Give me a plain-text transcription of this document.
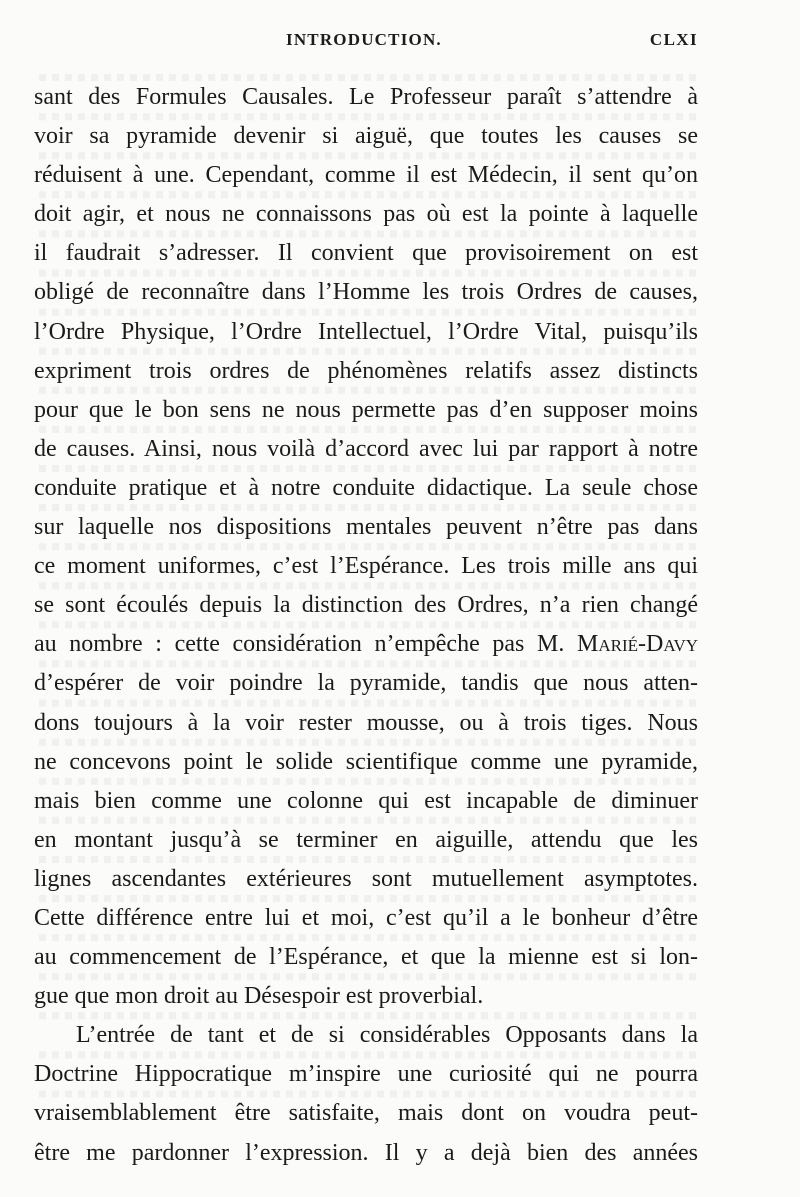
INTRODUCTION.	CLXI
sant des Formules Causales. Le Professeur paraît s’attendre à
voir sa pyramide devenir si aiguë, que toutes les causes se
réduisent à une. Cependant, comme il est Médecin, il sent qu’on
doit agir, et nous ne connaissons pas où est la pointe à laquelle
il faudrait s’adresser. Il convient que provisoirement on est
obligé de reconnaître dans l’Homme les trois Ordres de causes,
l’Ordre Physique, l’Ordre Intellectuel, l’Ordre Vital, puisqu’ils
expriment trois ordres de phénomènes relatifs assez distincts
pour que le bon sens ne nous permette pas d’en supposer moins
de causes. Ainsi, nous voilà d’accord avec lui par rapport à notre
conduite pratique et à notre conduite didactique. La seule chose
sur laquelle nos dispositions mentales peuvent n’être pas dans
ce moment uniformes, c’est l’Espérance. Les trois mille ans qui
se sont écoulés depuis la distinction des Ordres, n’a rien changé
au nombre : cette considération n’empêche pas M. Marié-Davy
d’espérer de voir poindre la pyramide, tandis que nous atten-
dons toujours à la voir rester mousse, ou à trois tiges. Nous
ne concevons point le solide scientifique comme une pyramide,
mais bien comme une colonne qui est incapable de diminuer
en montant jusqu’à se terminer en aiguille, attendu que les
lignes ascendantes extérieures sont mutuellement asymptotes.
Cette différence entre lui et moi, c’est qu’il a le bonheur d’être
au commencement de l’Espérance, et que la mienne est si lon-
gue que mon droit au Désespoir est proverbial.
L’entrée de tant et de si considérables Opposants dans la
Doctrine Hippocratique m’inspire une curiosité qui ne pourra
vraisemblablement être satisfaite, mais dont on voudra peut-
être me pardonner l’expression. Il y a dejà bien des années
